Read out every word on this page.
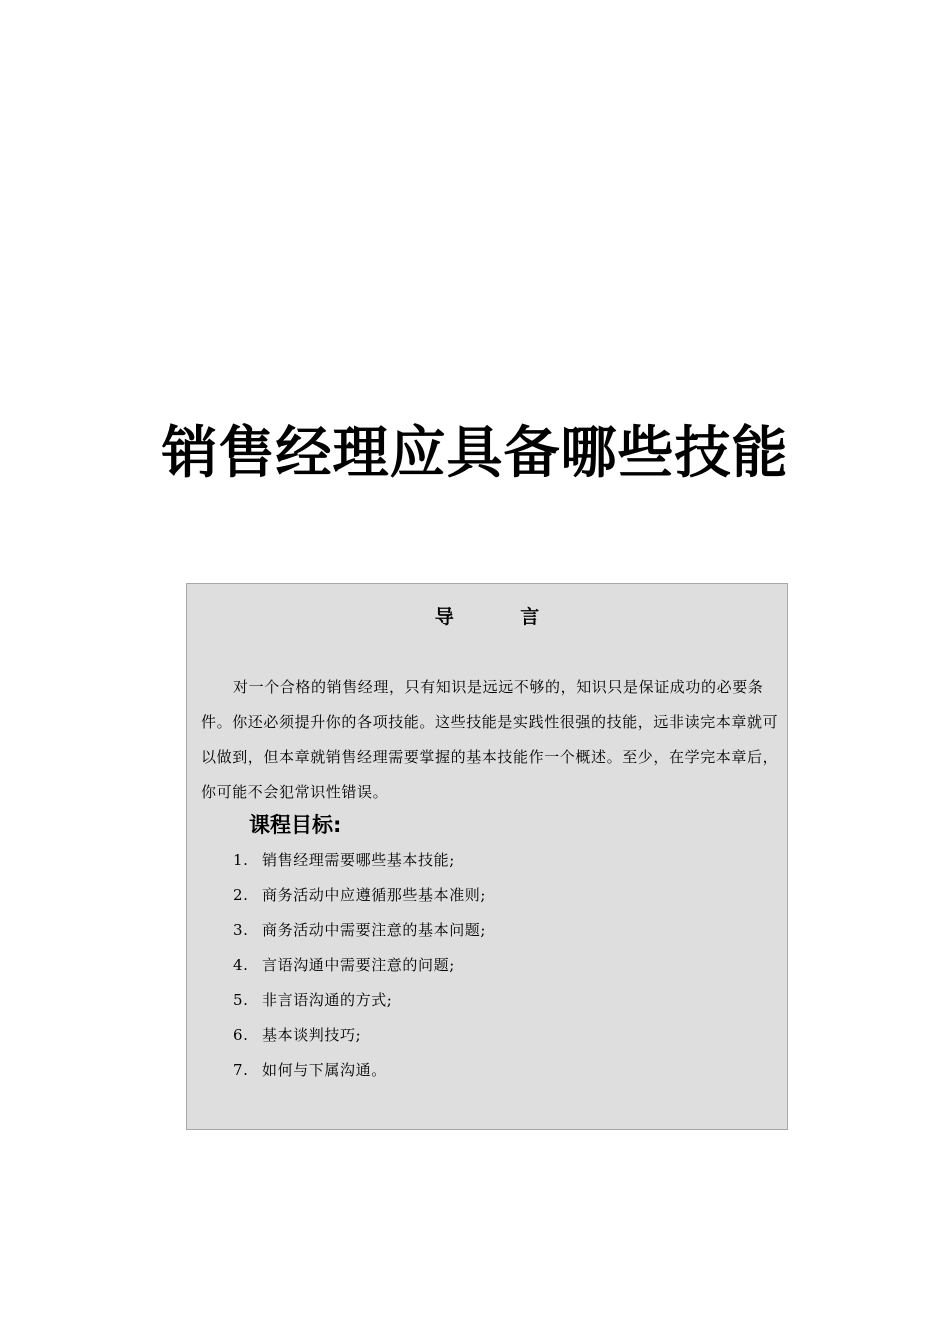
销售经理应具备哪些技能
导 言

对一个合格的销售经理，只有知识是远远不够的，知识只是保证成功的必要条件。你还必须提升你的各项技能。这些技能是实践性很强的技能，远非读完本章就可以做到，但本章就销售经理需要掌握的基本技能作一个概述。至少，在学完本章后，你可能不会犯常识性错误。

课程目标:
1. 销售经理需要哪些基本技能;
2. 商务活动中应遵循那些基本准则;
3. 商务活动中需要注意的基本问题;
4. 言语沟通中需要注意的问题;
5. 非言语沟通的方式;
6. 基本谈判技巧;
7. 如何与下属沟通。
